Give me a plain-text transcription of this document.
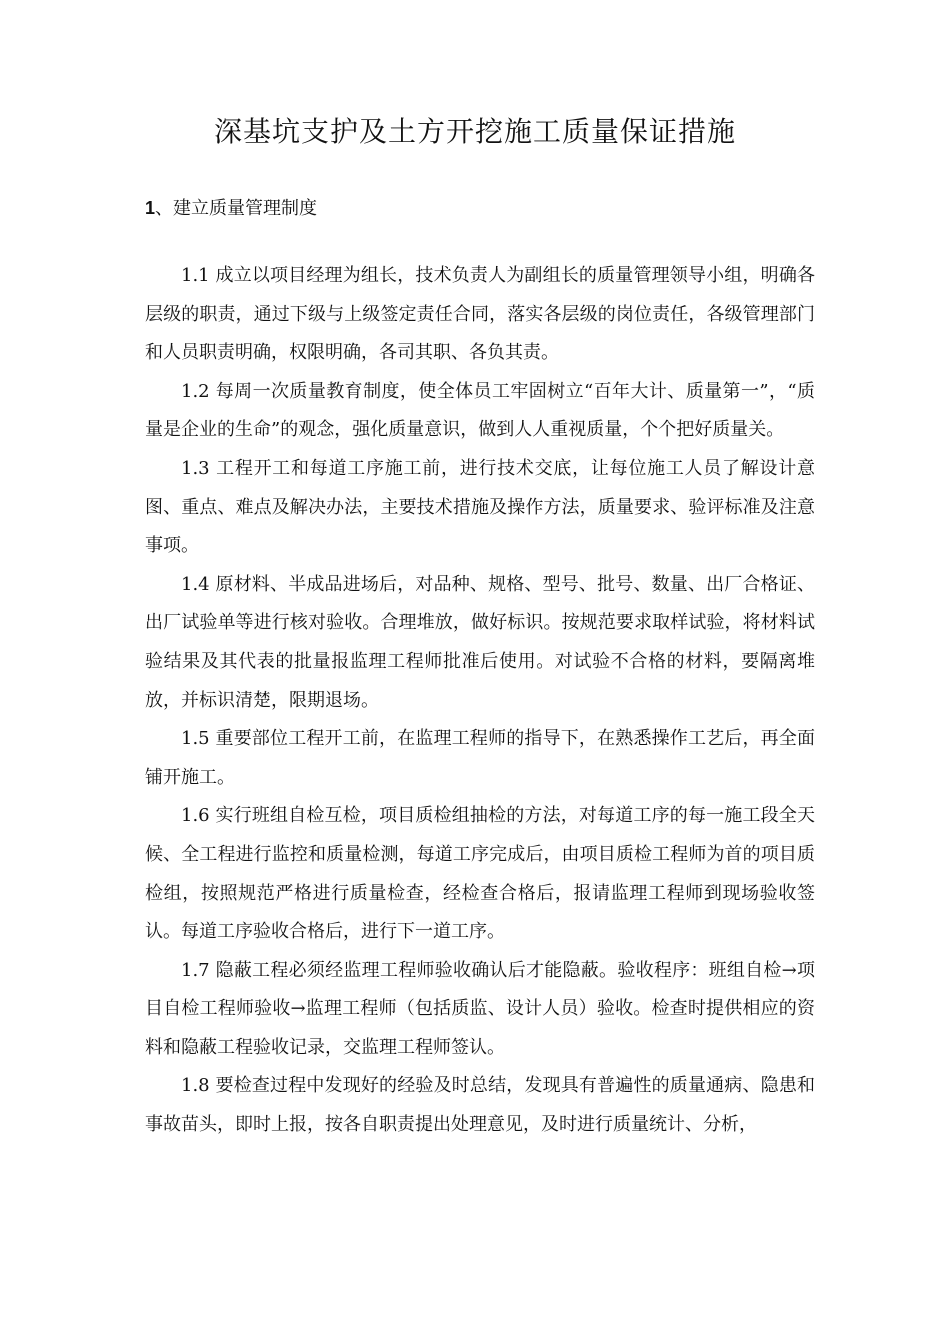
深基坑支护及土方开挖施工质量保证措施
1、建立质量管理制度

1.1 成立以项目经理为组长，技术负责人为副组长的质量管理领导小组，明确各层级的职责，通过下级与上级签定责任合同，落实各层级的岗位责任，各级管理部门和人员职责明确，权限明确，各司其职、各负其责。

1.2 每周一次质量教育制度，使全体员工牢固树立“百年大计、质量第一”，“质量是企业的生命”的观念，强化质量意识，做到人人重视质量，个个把好质量关。

1.3 工程开工和每道工序施工前，进行技术交底，让每位施工人员了解设计意图、重点、难点及解决办法，主要技术措施及操作方法，质量要求、验评标准及注意事项。

1.4 原材料、半成品进场后，对品种、规格、型号、批号、数量、出厂合格证、出厂试验单等进行核对验收。合理堆放，做好标识。按规范要求取样试验，将材料试验结果及其代表的批量报监理工程师批准后使用。对试验不合格的材料，要隔离堆放，并标识清楚，限期退场。

1.5 重要部位工程开工前，在监理工程师的指导下，在熟悉操作工艺后，再全面铺开施工。

1.6 实行班组自检互检，项目质检组抽检的方法，对每道工序的每一施工段全天候、全工程进行监控和质量检测，每道工序完成后，由项目质检工程师为首的项目质检组，按照规范严格进行质量检查，经检查合格后，报请监理工程师到现场验收签认。每道工序验收合格后，进行下一道工序。

1.7 隐蔽工程必须经监理工程师验收确认后才能隐蔽。验收程序：班组自检→项目自检工程师验收→监理工程师（包括质监、设计人员）验收。检查时提供相应的资料和隐蔽工程验收记录，交监理工程师签认。

1.8 要检查过程中发现好的经验及时总结，发现具有普遍性的质量通病、隐患和事故苗头，即时上报，按各自职责提出处理意见，及时进行质量统计、分析，
